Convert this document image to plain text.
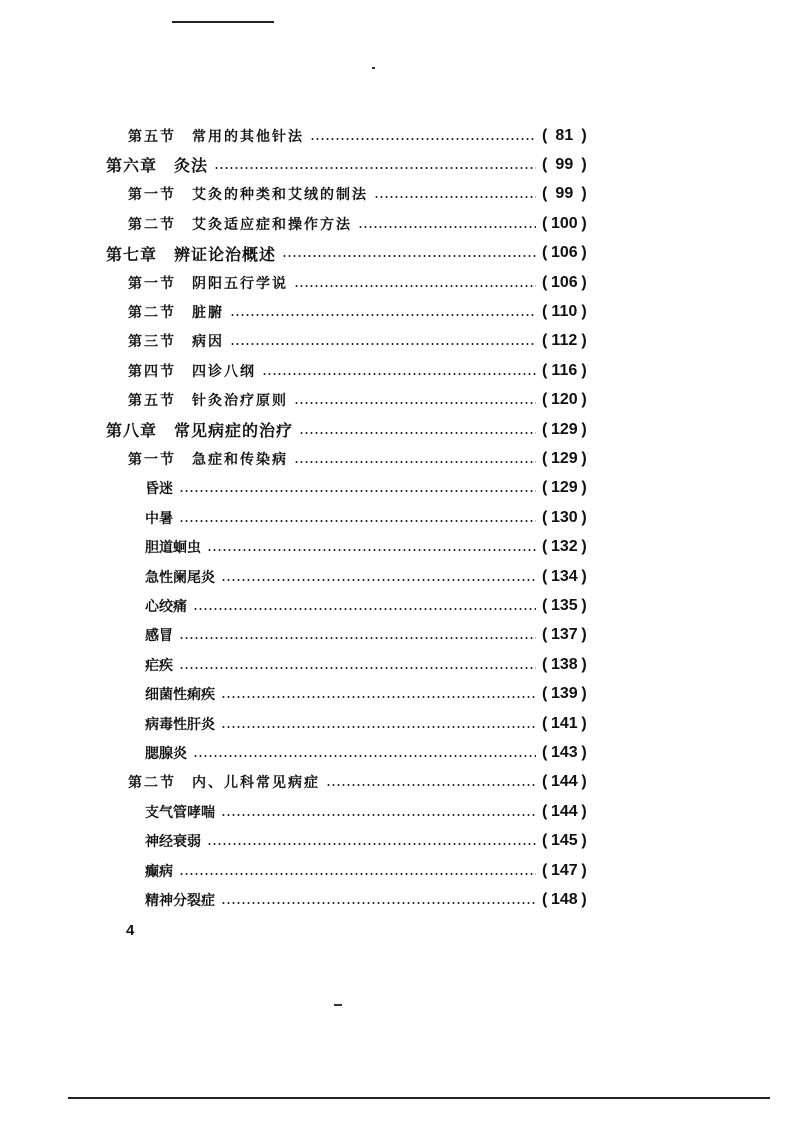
第五节　常用的其他针法	( 81 )
第六章　灸法	( 99 )
第一节　艾灸的种类和艾绒的制法	( 99 )
第二节　艾灸适应症和操作方法	( 100 )
第七章　辨证论治概述	( 106 )
第一节　阴阳五行学说	( 106 )
第二节　脏腑	( 110 )
第三节　病因	( 112 )
第四节　四诊八纲	( 116 )
第五节　针灸治疗原则	( 120 )
第八章　常见病症的治疗	( 129 )
第一节　急症和传染病	( 129 )
昏迷	( 129 )
中暑	( 130 )
胆道蛔虫	( 132 )
急性阑尾炎	( 134 )
心绞痛	( 135 )
感冒	( 137 )
疟疾	( 138 )
细菌性痢疾	( 139 )
病毒性肝炎	( 141 )
腮腺炎	( 143 )
第二节　内、儿科常见病症	( 144 )
支气管哮喘	( 144 )
神经衰弱	( 145 )
癫病	( 147 )
精神分裂症	( 148 )
4
